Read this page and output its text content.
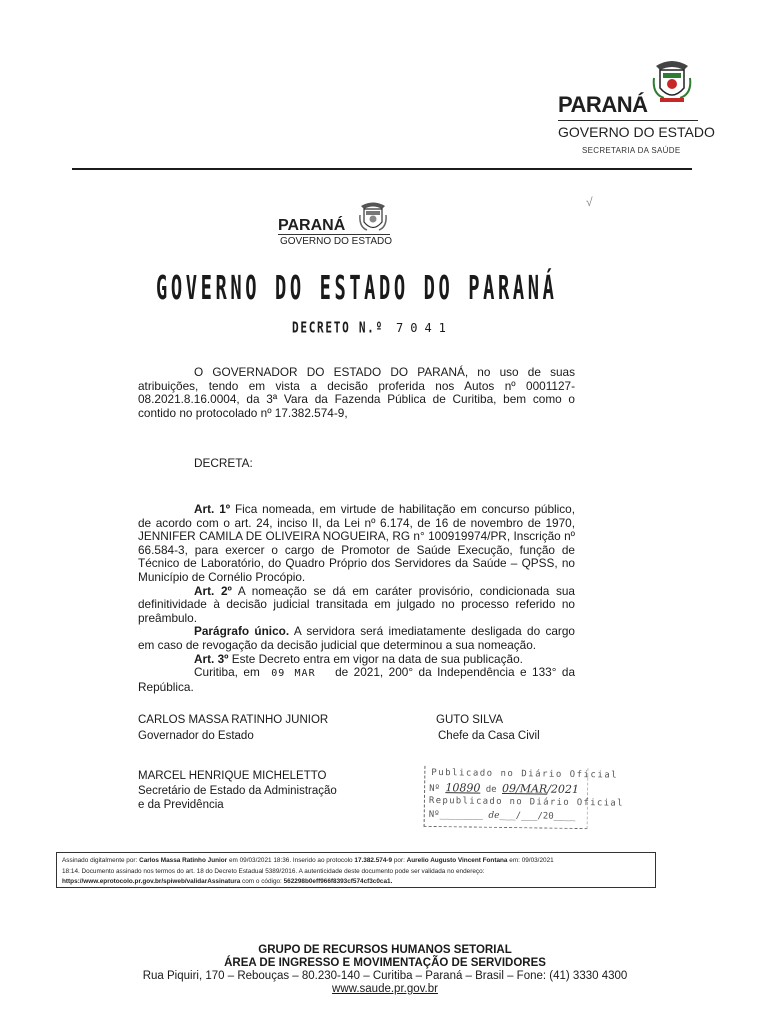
PARANÁ
GOVERNO DO ESTADO
SECRETARIA DA SAÚDE
√
PARANÁ
GOVERNO DO ESTADO
GOVERNO DO ESTADO DO PARANÁ
DECRETO N.º 7041
O GOVERNADOR DO ESTADO DO PARANÁ, no uso de suas atribuições, tendo em vista a decisão proferida nos Autos nº 0001127-08.2021.8.16.0004, da 3ª Vara da Fazenda Pública de Curitiba, bem como o contido no protocolado nº 17.382.574-9,
DECRETA:
Art. 1º Fica nomeada, em virtude de habilitação em concurso público, de acordo com o art. 24, inciso II, da Lei nº 6.174, de 16 de novembro de 1970, JENNIFER CAMILA DE OLIVEIRA NOGUEIRA, RG n° 100919974/PR, Inscrição nº 66.584-3, para exercer o cargo de Promotor de Saúde Execução, função de Técnico de Laboratório, do Quadro Próprio dos Servidores da Saúde – QPSS, no Município de Cornélio Procópio.
Art. 2º A nomeação se dá em caráter provisório, condicionada sua definitividade à decisão judicial transitada em julgado no processo referido no preâmbulo.
Parágrafo único. A servidora será imediatamente desligada do cargo em caso de revogação da decisão judicial que determinou a sua nomeação.
Art. 3º Este Decreto entra em vigor na data de sua publicação.
Curitiba, em 09 MAR de 2021, 200° da Independência e 133° da República.
CARLOS MASSA RATINHO JUNIOR
Governador do Estado
GUTO SILVA
Chefe da Casa Civil
MARCEL HENRIQUE MICHELETTO
Secretário de Estado da Administração
e da Previdência
Publicado no Diário Oficial
Nº 10890 de 09/MAR/2021
Republicado no Diário Oficial
Nº________ de___/___/20____
Assinado digitalmente por: Carlos Massa Ratinho Junior em 09/03/2021 18:36. Inserido ao protocolo 17.382.574-9 por: Aurelio Augusto Vincent Fontana em: 09/03/2021
18:14. Documento assinado nos termos do art. 18 do Decreto Estadual 5389/2016. A autenticidade deste documento pode ser validada no endereço:
https://www.eprotocolo.pr.gov.br/spiweb/validarAssinatura com o código: 562298b0eff966f8393cf574cf3c0ca1.
GRUPO DE RECURSOS HUMANOS SETORIAL
ÁREA DE INGRESSO E MOVIMENTAÇÃO DE SERVIDORES
Rua Piquiri, 170 – Rebouças – 80.230-140 – Curitiba – Paraná – Brasil – Fone: (41) 3330 4300
www.saude.pr.gov.br
